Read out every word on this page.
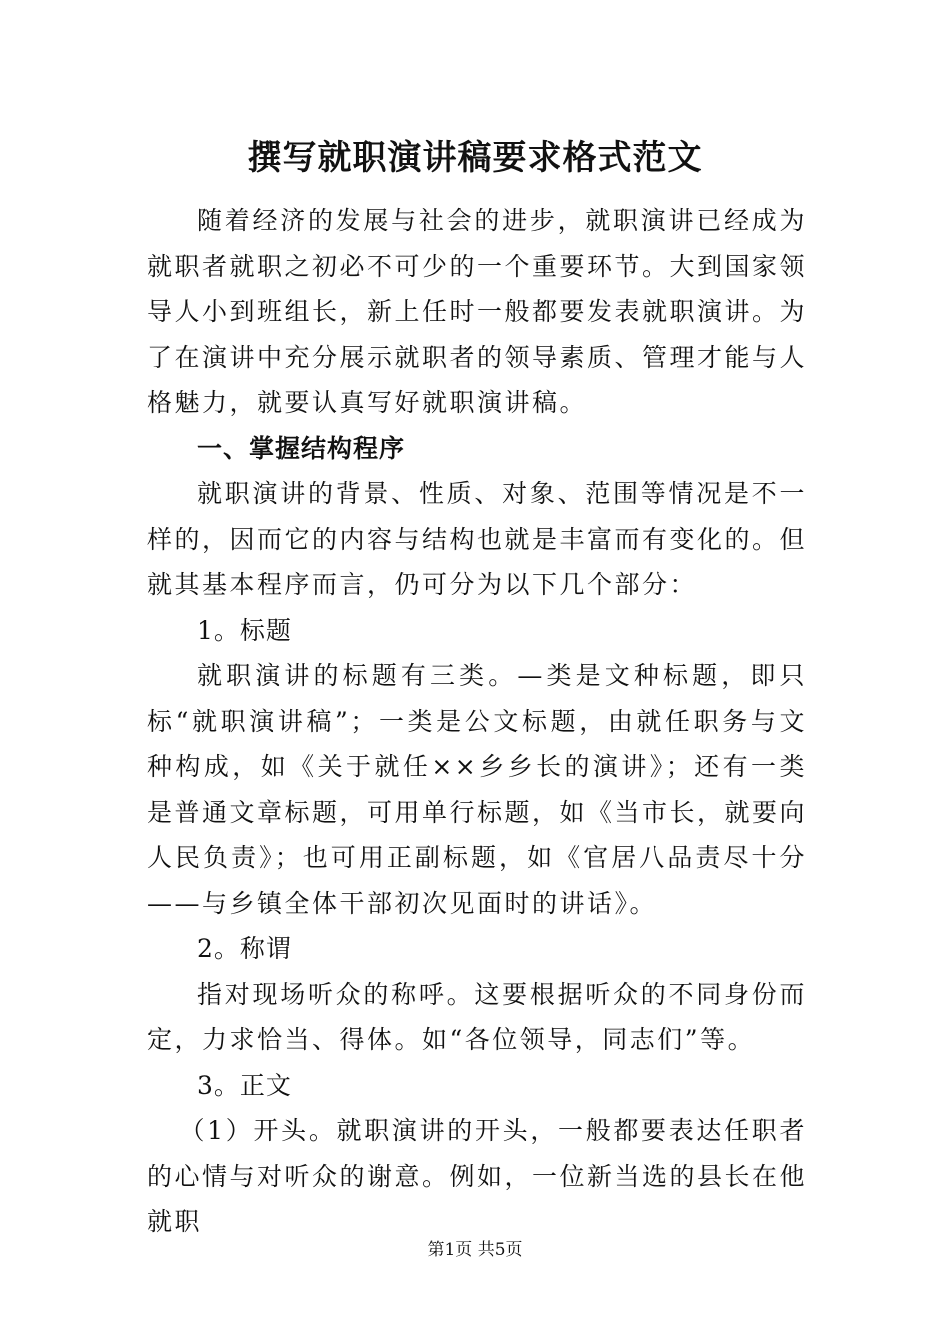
撰写就职演讲稿要求格式范文

随着经济的发展与社会的进步，就职演讲已经成为就职者就职之初必不可少的一个重要环节。大到国家领导人小到班组长，新上任时一般都要发表就职演讲。为了在演讲中充分展示就职者的领导素质、管理才能与人格魅力，就要认真写好就职演讲稿。

一、掌握结构程序

就职演讲的背景、性质、对象、范围等情况是不一样的，因而它的内容与结构也就是丰富而有变化的。但就其基本程序而言，仍可分为以下几个部分：

1。标题

就职演讲的标题有三类。—类是文种标题，即只标“就职演讲稿”；一类是公文标题，由就任职务与文种构成，如《关于就任××乡乡长的演讲》；还有一类是普通文章标题，可用单行标题，如《当市长，就要向人民负责》；也可用正副标题，如《官居八品责尽十分——与乡镇全体干部初次见面时的讲话》。

2。称谓

指对现场听众的称呼。这要根据听众的不同身份而定，力求恰当、得体。如“各位领导，同志们”等。

3。正文

（1）开头。就职演讲的开头，一般都要表达任职者的心情与对听众的谢意。例如，一位新当选的县长在他就职

第1页 共5页
